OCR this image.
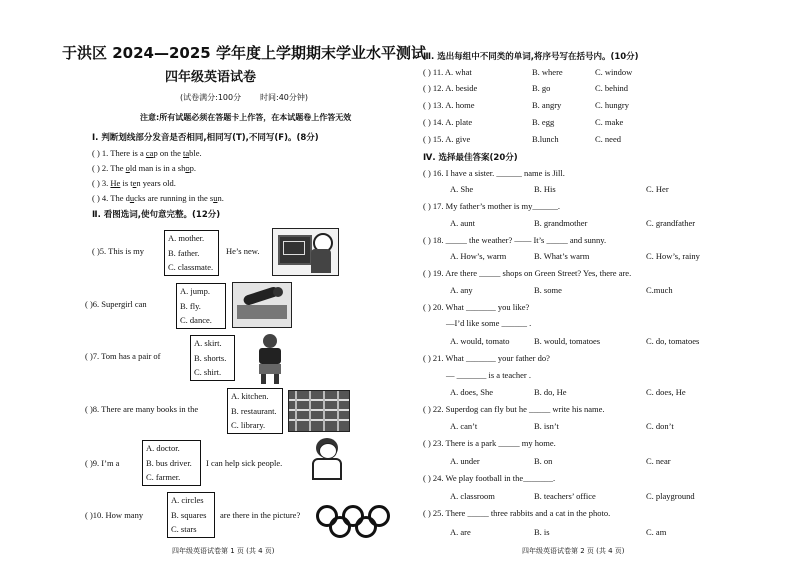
于洪区 2024—2025 学年度上学期期末学业水平测试
四年级英语试卷
(试卷满分:100分 时间:40分钟)
注意:所有试题必须在答题卡上作答，在本试题卷上作答无效
Ⅰ. 判断划线部分发音是否相同,相同写(T),不同写(F)。(8分)
( ) 1. There is a cap on the table.
( ) 2. The old man is in a shop.
( ) 3. He is ten years old.
( ) 4. The ducks are running in the sun.
Ⅱ. 看图选词,使句意完整。(12分)
( )5. This is my
A. mother.
B. father.
C. classmate.
He’s new.
( )6. Supergirl can
A. jump.
B. fly.
C. dance.
( )7. Tom has a pair of
A. skirt.
B. shorts.
C. shirt.
( )8. There are many books in the
A. kitchen.
B. restaurant.
C. library.
( )9. I’m a
A. doctor.
B. bus driver.
C. farmer.
I can help sick people.
( )10. How many
A. circles
B. squares
C. stars
are there in the picture?
四年级英语试卷第 1 页 (共 4 页)
Ⅲ. 选出每组中不同类的单词,将序号写在括号内。(10分)
( ) 11. A. what	B. where	C. window
( ) 12. A. beside	B. go	C. behind
( ) 13. A. home	B. angry	C. hungry
( ) 14. A. plate	B. egg	C. make
( ) 15. A. give	B.lunch	C. need
Ⅳ. 选择最佳答案(20分)
( ) 16. I have a sister. ______ name is Jill.
A. She	B. His	C. Her
( ) 17. My father’s mother is my______.
A. aunt	B. grandmother	C. grandfather
( ) 18. _____ the weather? —— It’s _____ and sunny.
A. How’s, warm	B. What’s warm	C. How’s, rainy
( ) 19. Are there _____ shops on Green Street? Yes, there are.
A. any	B. some	C.much
( ) 20. What _______ you like?
—I’d like some ______ .
A. would, tomato	B. would, tomatoes	C. do, tomatoes
( ) 21. What _______ your father do?
— _______ is a teacher .
A. does, She	B. do, He	C. does, He
( ) 22. Superdog can fly but he _____ write his name.
A. can’t	B. isn’t	C. don’t
( ) 23. There is a park _____ my home.
A. under	B. on	C. near
( ) 24. We play football in the_______.
A. classroom	B. teachers’ office	C. playground
( ) 25. There _____ three rabbits and a cat in the photo.
A. are	B. is	C. am
四年级英语试卷第 2 页 (共 4 页)
